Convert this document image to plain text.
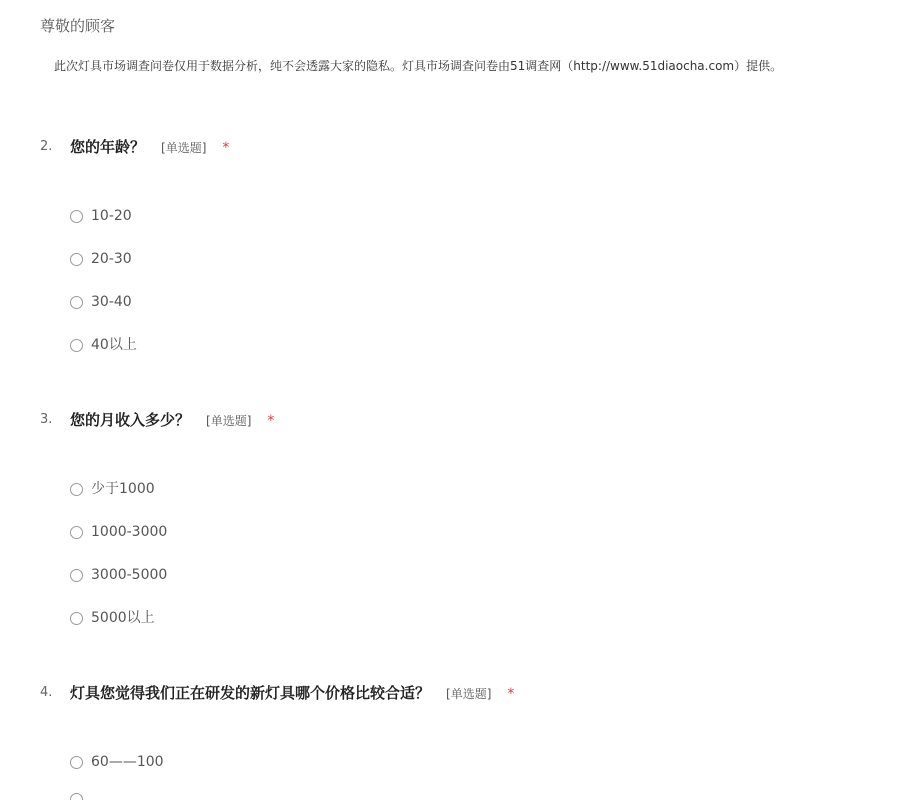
尊敬的顾客
此次灯具市场调查问卷仅用于数据分析，纯不会透露大家的隐私。灯具市场调查问卷由51调查网（http://www.51diaocha.com）提供。
2. 您的年龄？ [单选题] *
10-20
20-30
30-40
40以上
3. 您的月收入多少？ [单选题] *
少于1000
1000-3000
3000-5000
5000以上
4. 灯具您觉得我们正在研发的新灯具哪个价格比较合适？ [单选题] *
60——100
